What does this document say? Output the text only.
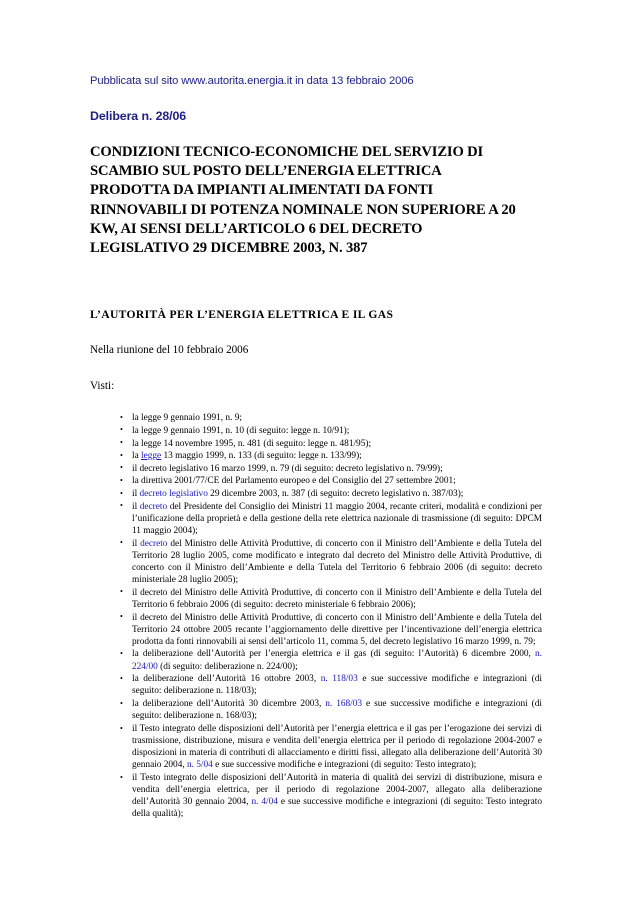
Pubblicata sul sito www.autorita.energia.it in data 13 febbraio 2006

Delibera n. 28/06
CONDIZIONI TECNICO-ECONOMICHE DEL SERVIZIO DI
SCAMBIO SUL POSTO DELL’ENERGIA ELETTRICA
PRODOTTA DA IMPIANTI ALIMENTATI DA FONTI
RINNOVABILI DI POTENZA NOMINALE NON SUPERIORE A 20
KW, AI SENSI DELL’ARTICOLO 6 DEL DECRETO
LEGISLATIVO 29 DICEMBRE 2003, N. 387
L’AUTORITÀ PER L’ENERGIA ELETTRICA E IL GAS

Nella riunione del 10 febbraio 2006

Visti:

• la legge 9 gennaio 1991, n. 9;
• la legge 9 gennaio 1991, n. 10 (di seguito: legge n. 10/91);
• la legge 14 novembre 1995, n. 481 (di seguito: legge n. 481/95);
• la legge 13 maggio 1999, n. 133 (di seguito: legge n. 133/99);
• il decreto legislativo 16 marzo 1999, n. 79 (di seguito: decreto legislativo n. 79/99);
• la direttiva 2001/77/CE del Parlamento europeo e del Consiglio del 27 settembre 2001;
• il decreto legislativo 29 dicembre 2003, n. 387 (di seguito: decreto legislativo n. 387/03);
• il decreto del Presidente del Consiglio dei Ministri 11 maggio 2004, recante criteri, modalità e condizioni per l’unificazione della proprietà e della gestione della rete elettrica nazionale di trasmissione (di seguito: DPCM 11 maggio 2004);
• il decreto del Ministro delle Attività Produttive, di concerto con il Ministro dell’Ambiente e della Tutela del Territorio 28 luglio 2005, come modificato e integrato dal decreto del Ministro delle Attività Produttive, di concerto con il Ministro dell’Ambiente e della Tutela del Territorio 6 febbraio 2006 (di seguito: decreto ministeriale 28 luglio 2005);
• il decreto del Ministro delle Attività Produttive, di concerto con il Ministro dell’Ambiente e della Tutela del Territorio 6 febbraio 2006 (di seguito: decreto ministeriale 6 febbraio 2006);
• il decreto del Ministro delle Attività Produttive, di concerto con il Ministro dell’Ambiente e della Tutela del Territorio 24 ottobre 2005 recante l’aggiornamento delle direttive per l’incentivazione dell’energia elettrica prodotta da fonti rinnovabili ai sensi dell’articolo 11, comma 5, del decreto legislativo 16 marzo 1999, n. 79;
• la deliberazione dell’Autorità per l’energia elettrica e il gas (di seguito: l’Autorità) 6 dicembre 2000, n. 224/00 (di seguito: deliberazione n. 224/00);
• la deliberazione dell’Autorità 16 ottobre 2003, n. 118/03 e sue successive modifiche e integrazioni (di seguito: deliberazione n. 118/03);
• la deliberazione dell’Autorità 30 dicembre 2003, n. 168/03 e sue successive modifiche e integrazioni (di seguito: deliberazione n. 168/03);
• il Testo integrato delle disposizioni dell’Autorità per l’energia elettrica e il gas per l’erogazione dei servizi di trasmissione, distribuzione, misura e vendita dell’energia elettrica per il periodo di regolazione 2004-2007 e disposizioni in materia di contributi di allacciamento e diritti fissi, allegato alla deliberazione dell’Autorità 30 gennaio 2004, n. 5/04 e sue successive modifiche e integrazioni (di seguito: Testo integrato);
• il Testo integrato delle disposizioni dell’Autorità in materia di qualità dei servizi di distribuzione, misura e vendita dell’energia elettrica, per il periodo di regolazione 2004-2007, allegato alla deliberazione dell’Autorità 30 gennaio 2004, n. 4/04 e sue successive modifiche e integrazioni (di seguito: Testo integrato della qualità);
